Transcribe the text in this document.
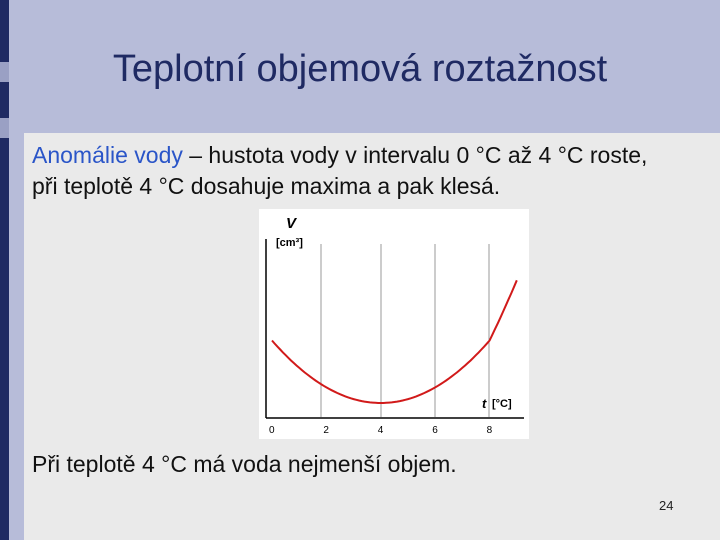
Teplotní objemová roztažnost

Anomálie vody – hustota vody v intervalu 0 °C až 4 °C roste, při teplotě 4 °C dosahuje maxima a pak klesá.

V
[cm³]
t [°C]
0	2	4	6	8

Při teplotě 4 °C má voda nejmenší objem.

24
